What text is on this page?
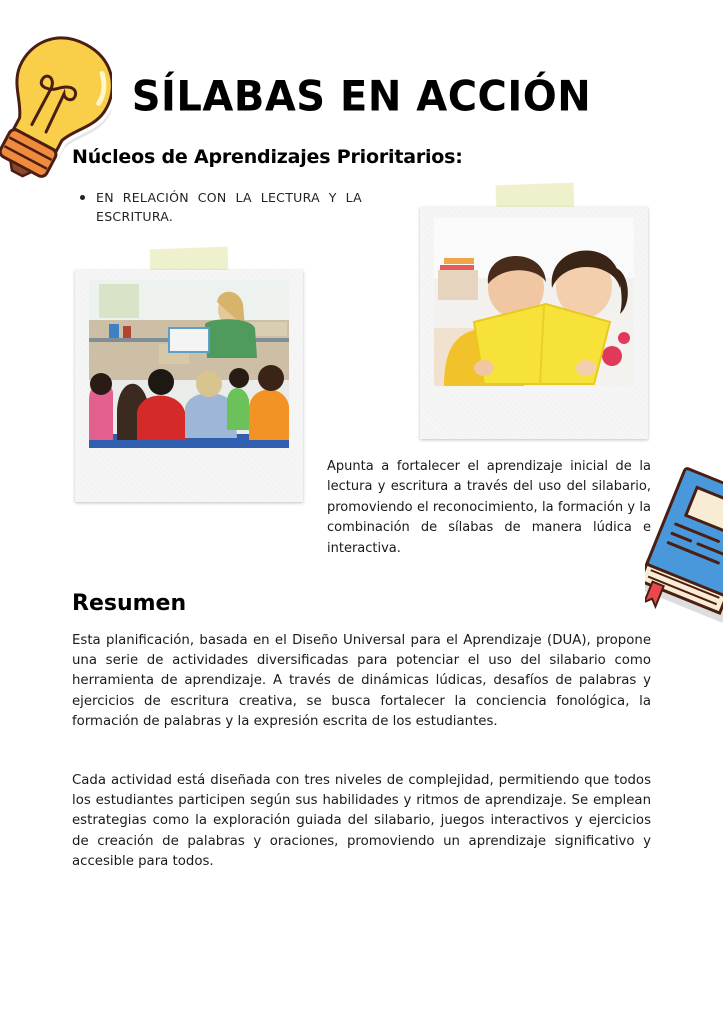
SÍLABAS EN ACCIÓN
Núcleos de Aprendizajes Prioritarios:
EN RELACIÓN CON LA LECTURA Y LA ESCRITURA.

Apunta a fortalecer el aprendizaje inicial de la lectura y escritura a través del uso del silabario, promoviendo el reconocimiento, la formación y la combinación de sílabas de manera lúdica e interactiva.

Resumen

Esta planificación, basada en el Diseño Universal para el Aprendizaje (DUA), propone una serie de actividades diversificadas para potenciar el uso del silabario como herramienta de aprendizaje. A través de dinámicas lúdicas, desafíos de palabras y ejercicios de escritura creativa, se busca fortalecer la conciencia fonológica, la formación de palabras y la expresión escrita de los estudiantes.

Cada actividad está diseñada con tres niveles de complejidad, permitiendo que todos los estudiantes participen según sus habilidades y ritmos de aprendizaje. Se emplean estrategias como la exploración guiada del silabario, juegos interactivos y ejercicios de creación de palabras y oraciones, promoviendo un aprendizaje significativo y accesible para todos.
